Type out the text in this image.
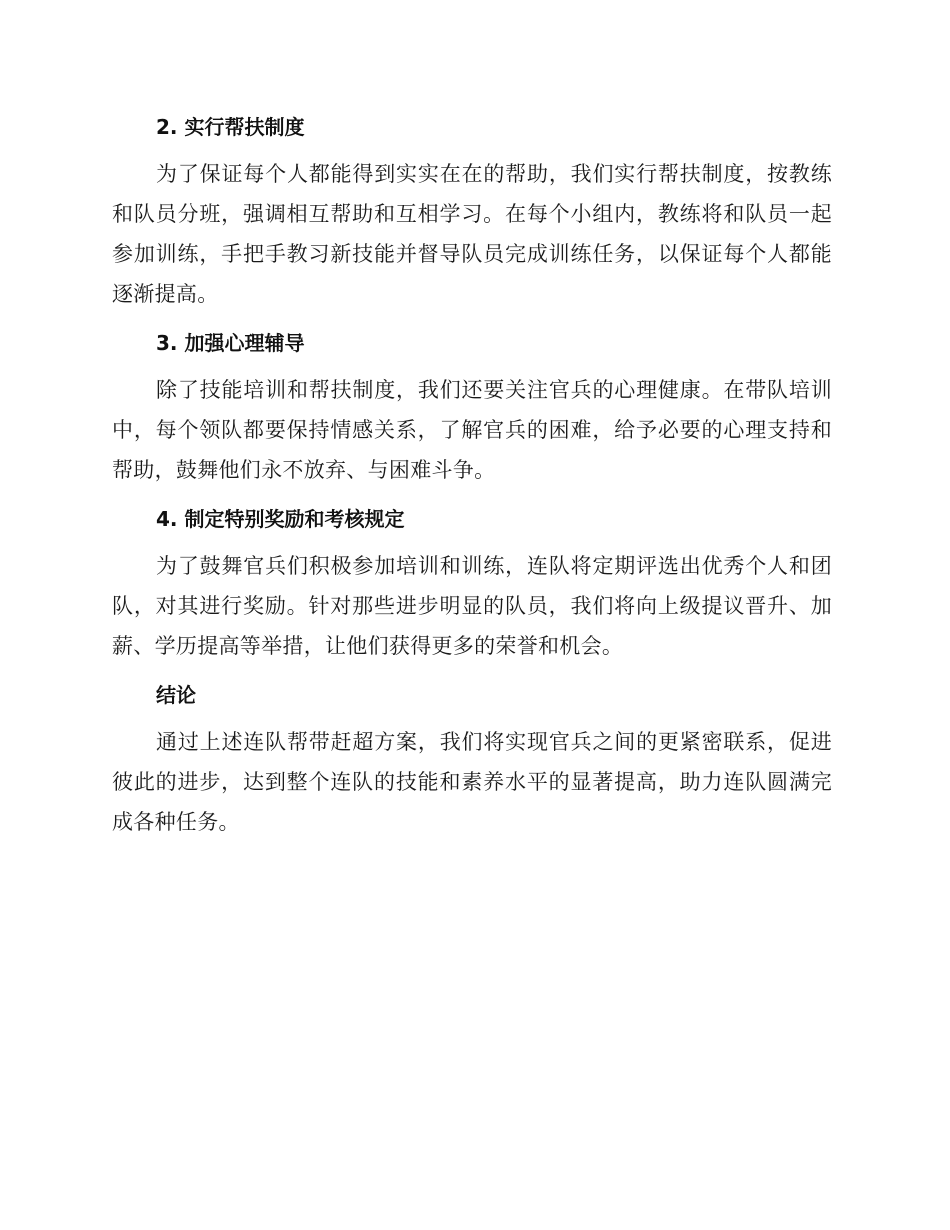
2. 实行帮扶制度

为了保证每个人都能得到实实在在的帮助，我们实行帮扶制度，按教练和队员分班，强调相互帮助和互相学习。在每个小组内，教练将和队员一起参加训练，手把手教习新技能并督导队员完成训练任务，以保证每个人都能逐渐提高。

3. 加强心理辅导

除了技能培训和帮扶制度，我们还要关注官兵的心理健康。在带队培训中，每个领队都要保持情感关系，了解官兵的困难，给予必要的心理支持和帮助，鼓舞他们永不放弃、与困难斗争。

4. 制定特别奖励和考核规定

为了鼓舞官兵们积极参加培训和训练，连队将定期评选出优秀个人和团队，对其进行奖励。针对那些进步明显的队员，我们将向上级提议晋升、加薪、学历提高等举措，让他们获得更多的荣誉和机会。

结论

通过上述连队帮带赶超方案，我们将实现官兵之间的更紧密联系，促进彼此的进步，达到整个连队的技能和素养水平的显著提高，助力连队圆满完成各种任务。
